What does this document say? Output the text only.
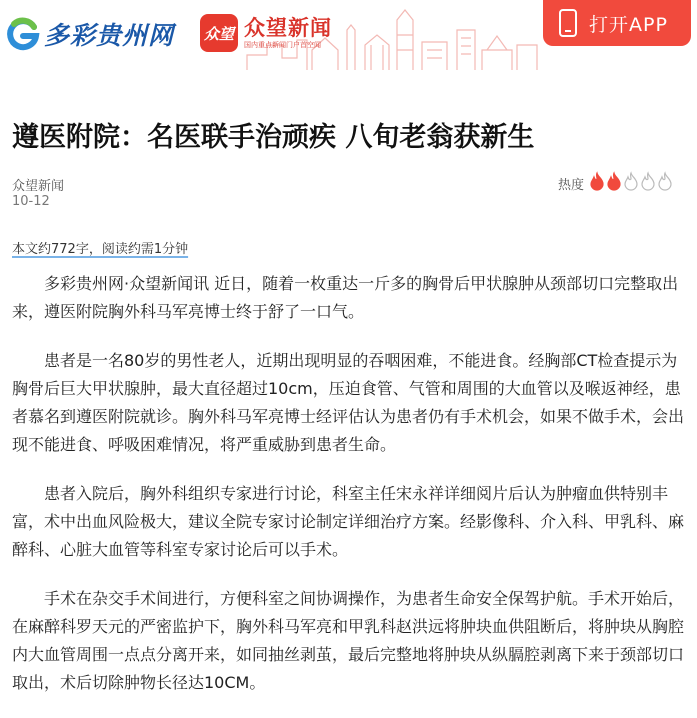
多彩贵州网 众望 众望新闻
国内重点新闻门户首空闻
打开APP
遵医附院：名医联手治顽疾 八旬老翁获新生
众望新闻
10-12
热度
本文约772字，阅读约需1分钟

多彩贵州网·众望新闻讯 近日，随着一枚重达一斤多的胸骨后甲状腺肿从颈部切口完整取出来，遵医附院胸外科马军亮博士终于舒了一口气。

患者是一名80岁的男性老人，近期出现明显的吞咽困难，不能进食。经胸部CT检查提示为胸骨后巨大甲状腺肿，最大直径超过10cm，压迫食管、气管和周围的大血管以及喉返神经，患者慕名到遵医附院就诊。胸外科马军亮博士经评估认为患者仍有手术机会，如果不做手术，会出现不能进食、呼吸困难情况，将严重威胁到患者生命。

患者入院后，胸外科组织专家进行讨论，科室主任宋永祥详细阅片后认为肿瘤血供特别丰富，术中出血风险极大，建议全院专家讨论制定详细治疗方案。经影像科、介入科、甲乳科、麻醉科、心脏大血管等科室专家讨论后可以手术。

手术在杂交手术间进行，方便科室之间协调操作，为患者生命安全保驾护航。手术开始后，在麻醉科罗天元的严密监护下，胸外科马军亮和甲乳科赵洪远将肿块血供阻断后，将肿块从胸腔内大血管周围一点点分离开来，如同抽丝剥茧，最后完整地将肿块从纵膈腔剥离下来于颈部切口取出，术后切除肿物长径达10CM。
